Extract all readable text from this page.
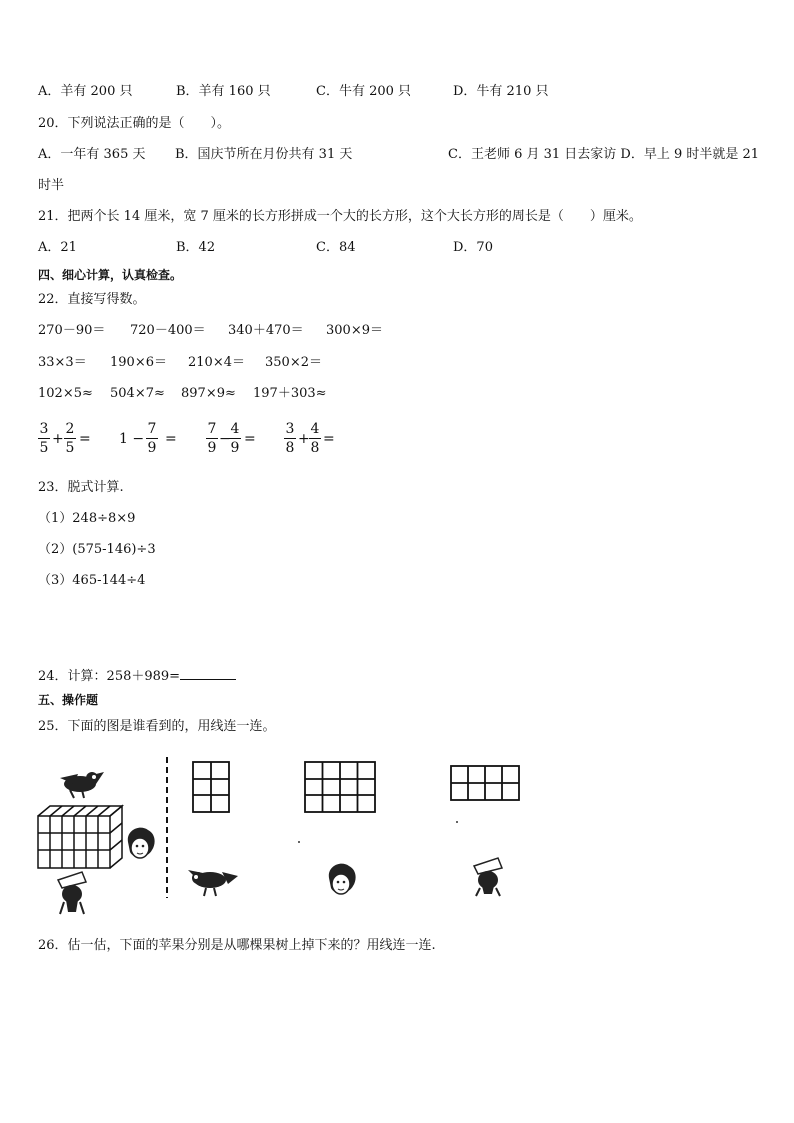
A．羊有 200 只	B．羊有 160 只	C．牛有 200 只	D．牛有 210 只
20．下列说法正确的是（　　）。
A．一年有 365 天 B．国庆节所在月份共有 31 天	C．王老师 6 月 31 日去家访 D．早上 9 时半就是 21
时半
21．把两个长 14 厘米，宽 7 厘米的长方形拼成一个大的长方形，这个大长方形的周长是（　　）厘米。
A．21	B．42	C．84	D．70
四、细心计算，认真检查。
22．直接写得数。
270－90＝ 720－400＝ 340＋470＝ 300×9＝
33×3＝ 190×6＝ 210×4＝ 350×2＝
102×5≈ 504×7≈ 897×9≈ 197＋303≈
3
5
+
2
5
= 1 −
7
9
=
7
9
−
4
9
=
3
8
+
4
8
=
23．脱式计算.
（1）248÷8×9
（2）(575-146)÷3
（3）465-144÷4
24．计算：258＋989=
五、操作题
25．下面的图是谁看到的，用线连一连。
26．估一估，下面的苹果分别是从哪棵果树上掉下来的？用线连一连.
